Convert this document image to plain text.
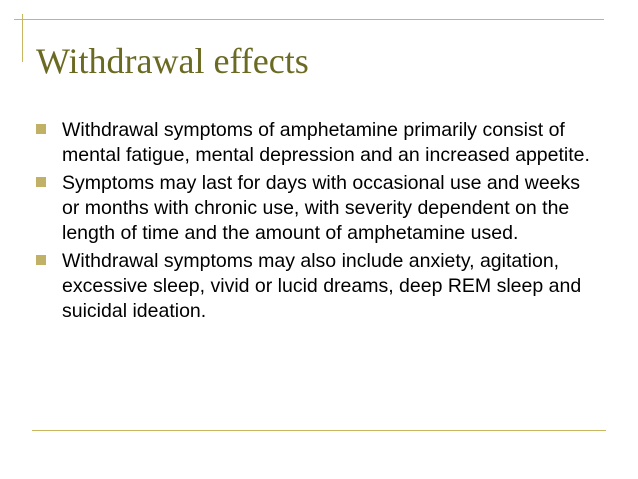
Withdrawal effects
Withdrawal symptoms of amphetamine primarily consist of mental fatigue, mental depression and an increased appetite.
Symptoms may last for days with occasional use and weeks or months with chronic use, with severity dependent on the length of time and the amount of amphetamine used.
Withdrawal symptoms may also include anxiety, agitation, excessive sleep, vivid or lucid dreams, deep REM sleep and suicidal ideation.
